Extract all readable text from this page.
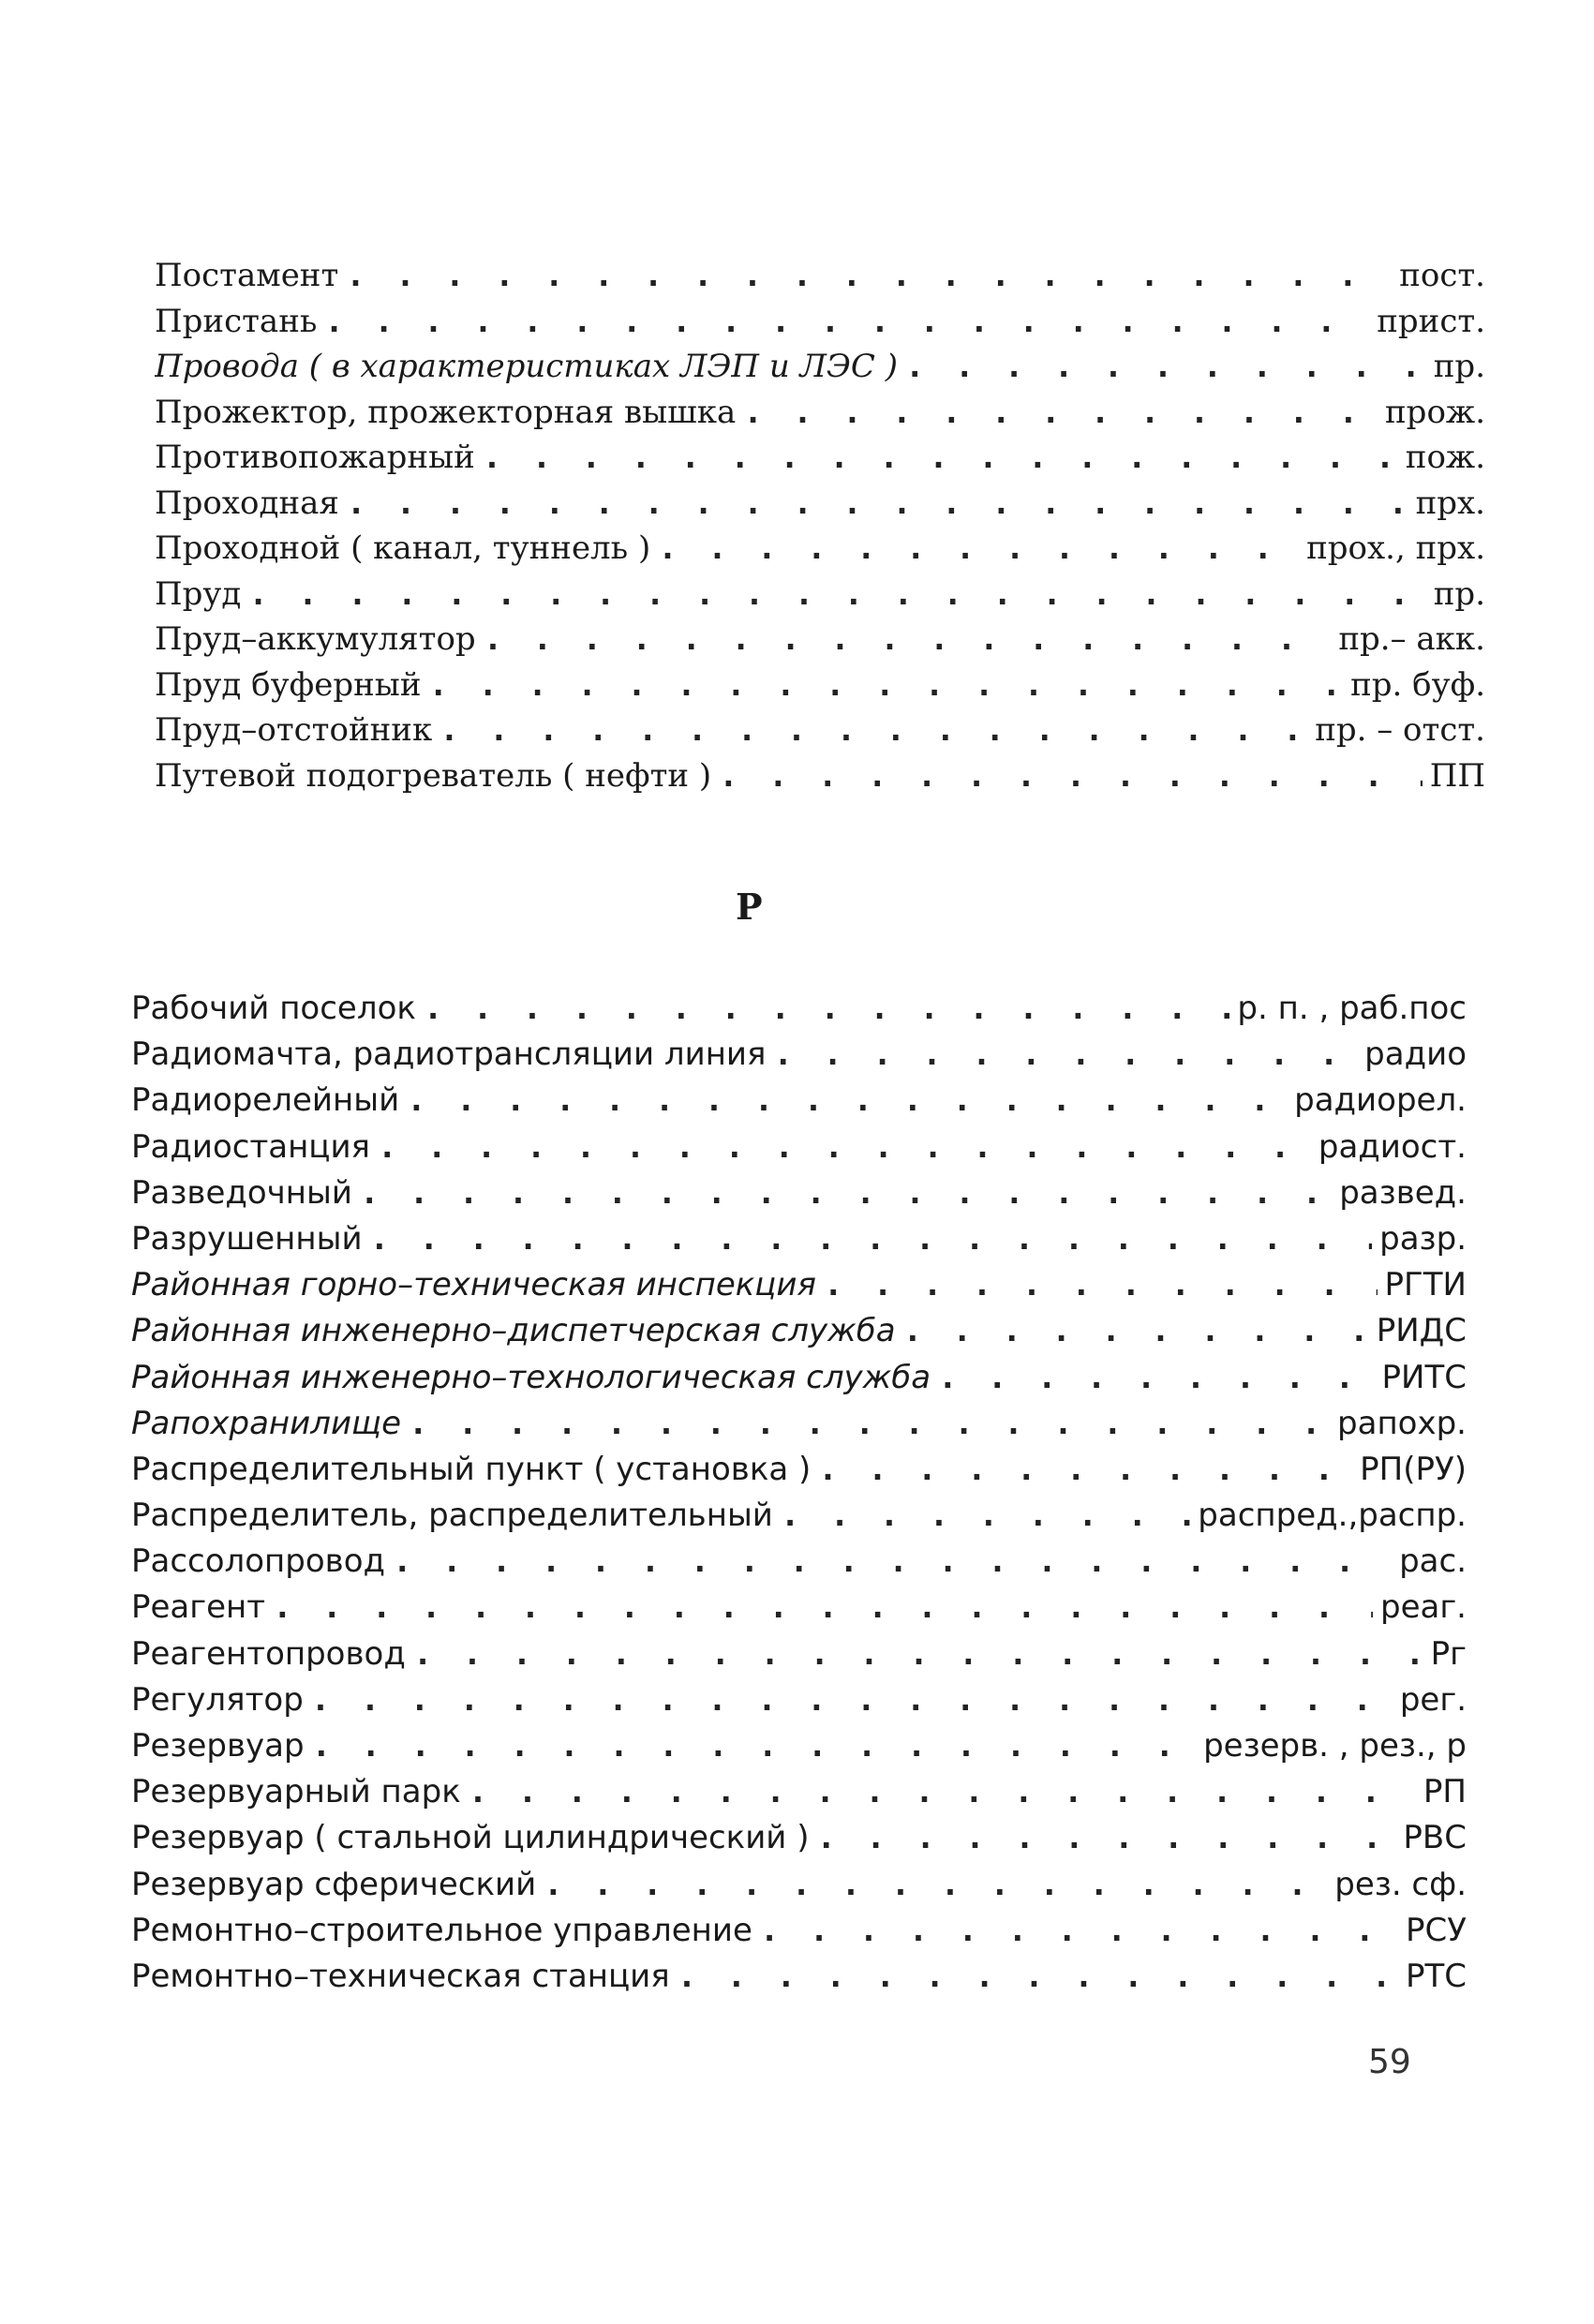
Постамент . . .	пост.
Пристань . . .	прист.
Провода ( в характеристиках ЛЭП и ЛЭС ) . . .	пр.
Прожектор, прожекторная вышка . . .	прож.
Противопожарный . . .	пож.
Проходная . . .	прх.
Проходной ( канал, туннель ) . . .	прох., прх.
Пруд . . .	пр.
Пруд–аккумулятор . . .	пр.– акк.
Пруд буферный . . .	пр. буф.
Пруд–отстойник . . .	пр. – отст.
Путевой подогреватель ( нефти ) . . .	ПП
Р
Рабочий поселок . . .	р. п. , раб.пос
Радиомачта, радиотрансляции линия . . .	радио
Радиорелейный . . .	радиорел.
Радиостанция . . .	радиост.
Разведочный . . .	развед.
Разрушенный . . .	разр.
Районная горно–техническая инспекция . . .	РГТИ
Районная инженерно–диспетчерская служба . . .	РИДС
Районная инженерно–технологическая служба . . .	РИТС
Рапохранилище . . .	рапохр.
Распределительный пункт ( установка ) . . .	РП(РУ)
Распределитель, распределительный . . .	распред.,распр.
Рассолопровод . . .	рас.
Реагент . . .	реаг.
Реагентопровод . . .	Рг
Регулятор . . .	рег.
Резервуар . . .	резерв. , рез., р
Резервуарный парк . . .	РП
Резервуар ( стальной цилиндрический ) . . .	РВС
Резервуар сферический . . .	рез. сф.
Ремонтно–строительное управление . . .	РСУ
Ремонтно–техническая станция . . .	РТС
59
